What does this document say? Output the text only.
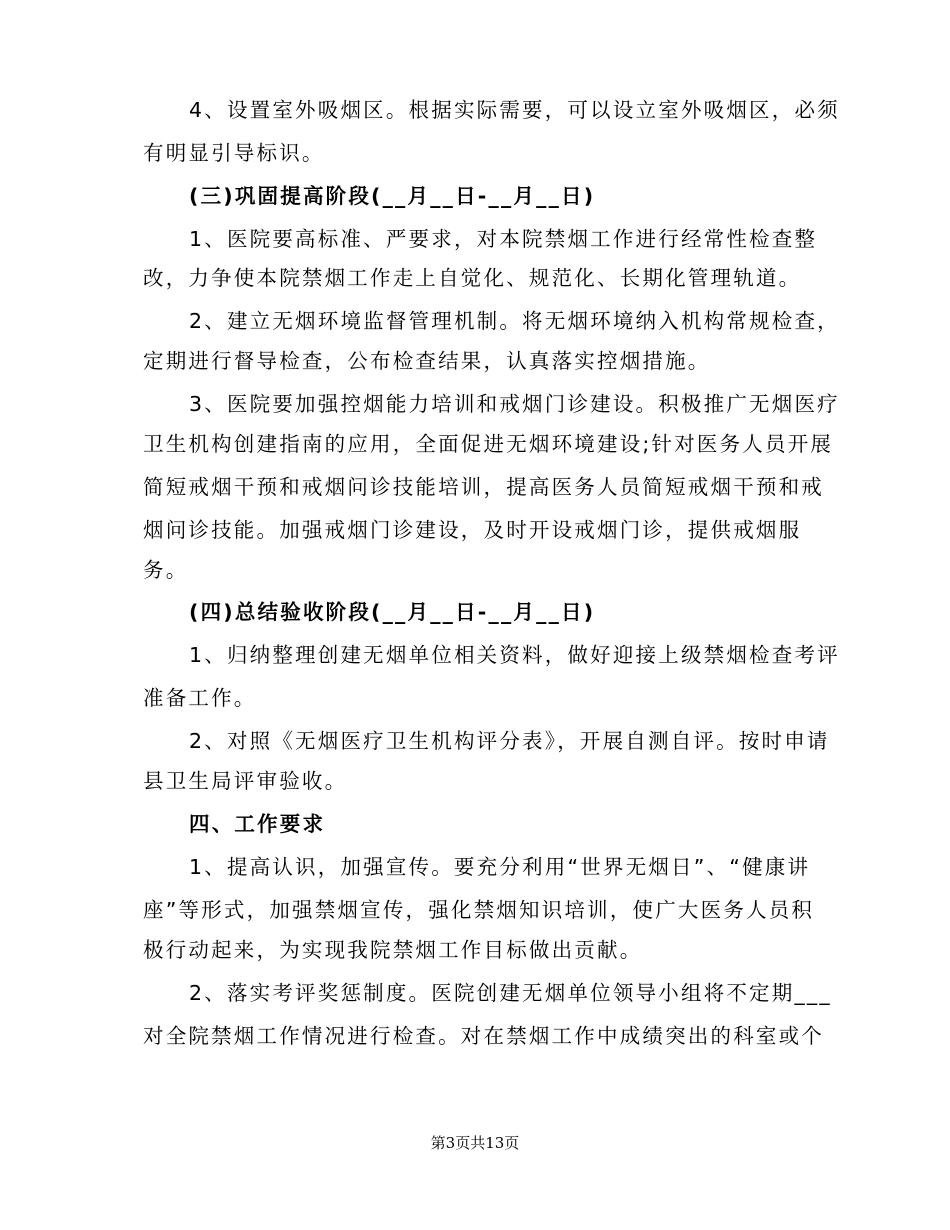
4、设置室外吸烟区。根据实际需要，可以设立室外吸烟区，必须
有明显引导标识。
(三)巩固提高阶段(__月__日-__月__日)
1、医院要高标准、严要求，对本院禁烟工作进行经常性检查整
改，力争使本院禁烟工作走上自觉化、规范化、长期化管理轨道。
2、建立无烟环境监督管理机制。将无烟环境纳入机构常规检查，
定期进行督导检查，公布检查结果，认真落实控烟措施。
3、医院要加强控烟能力培训和戒烟门诊建设。积极推广无烟医疗
卫生机构创建指南的应用，全面促进无烟环境建设;针对医务人员开展
简短戒烟干预和戒烟问诊技能培训，提高医务人员简短戒烟干预和戒
烟问诊技能。加强戒烟门诊建设，及时开设戒烟门诊，提供戒烟服
务。
(四)总结验收阶段(__月__日-__月__日)
1、归纳整理创建无烟单位相关资料，做好迎接上级禁烟检查考评
准备工作。
2、对照《无烟医疗卫生机构评分表》，开展自测自评。按时申请
县卫生局评审验收。
四、工作要求
1、提高认识，加强宣传。要充分利用“世界无烟日”、“健康讲
座”等形式，加强禁烟宣传，强化禁烟知识培训，使广大医务人员积
极行动起来，为实现我院禁烟工作目标做出贡献。
2、落实考评奖惩制度。医院创建无烟单位领导小组将不定期___
对全院禁烟工作情况进行检查。对在禁烟工作中成绩突出的科室或个
第3页共13页
